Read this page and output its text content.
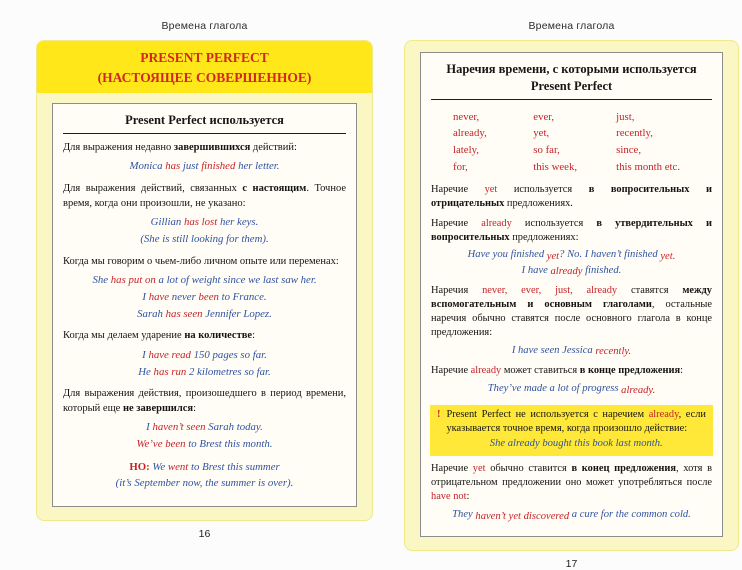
Времена глагола
PRESENT PERFECT
(НАСТОЯЩЕЕ СОВЕРШЕННОЕ)
Present Perfect используется
Для выражения недавно завершившихся действий:
Monica has just finished her letter.
Для выражения действий, связанных с настоящим. Точное время, когда они произошли, не указано:
Gillian has lost her keys.
(She is still looking for them).
Когда мы говорим о чьем-либо личном опыте или переменах:
She has put on a lot of weight since we last saw her.
I have never been to France.
Sarah has seen Jennifer Lopez.
Когда мы делаем ударение на количестве:
I have read 150 pages so far.
He has run 2 kilometres so far.
Для выражения действия, произошедшего в период времени, который еще не завершился:
I haven’t seen Sarah today.
We’ve been to Brest this month.
НО: We went to Brest this summer
(it’s September now, the summer is over).
16
Времена глагола
Наречия времени, с которыми используется
Present Perfect
never,
already,
lately,
for,
ever,
yet,
so far,
this week,
just,
recently,
since,
this month etc.
Наречие yet используется в вопросительных и отрицательных предложениях.
Наречие already используется в утвердительных и вопросительных предложениях:
Have you finished yet? No. I haven’t finished yet.
I have already finished.
Наречия never, ever, just, already ставятся между вспомогательным и основным глаголами, остальные наречия обычно ставятся после основного глагола в конце предложения:
I have seen Jessica recently.
Наречие already может ставиться в конце предложения:
They’ve made a lot of progress already.
! Present Perfect не используется с наречием already, если указывается точное время, когда произошло действие:
She already bought this book last month.
Наречие yet обычно ставится в конец предложения, хотя в отрицательном предложении оно может употребляться после have not:
They haven’t yet discovered a cure for the common cold.
17
